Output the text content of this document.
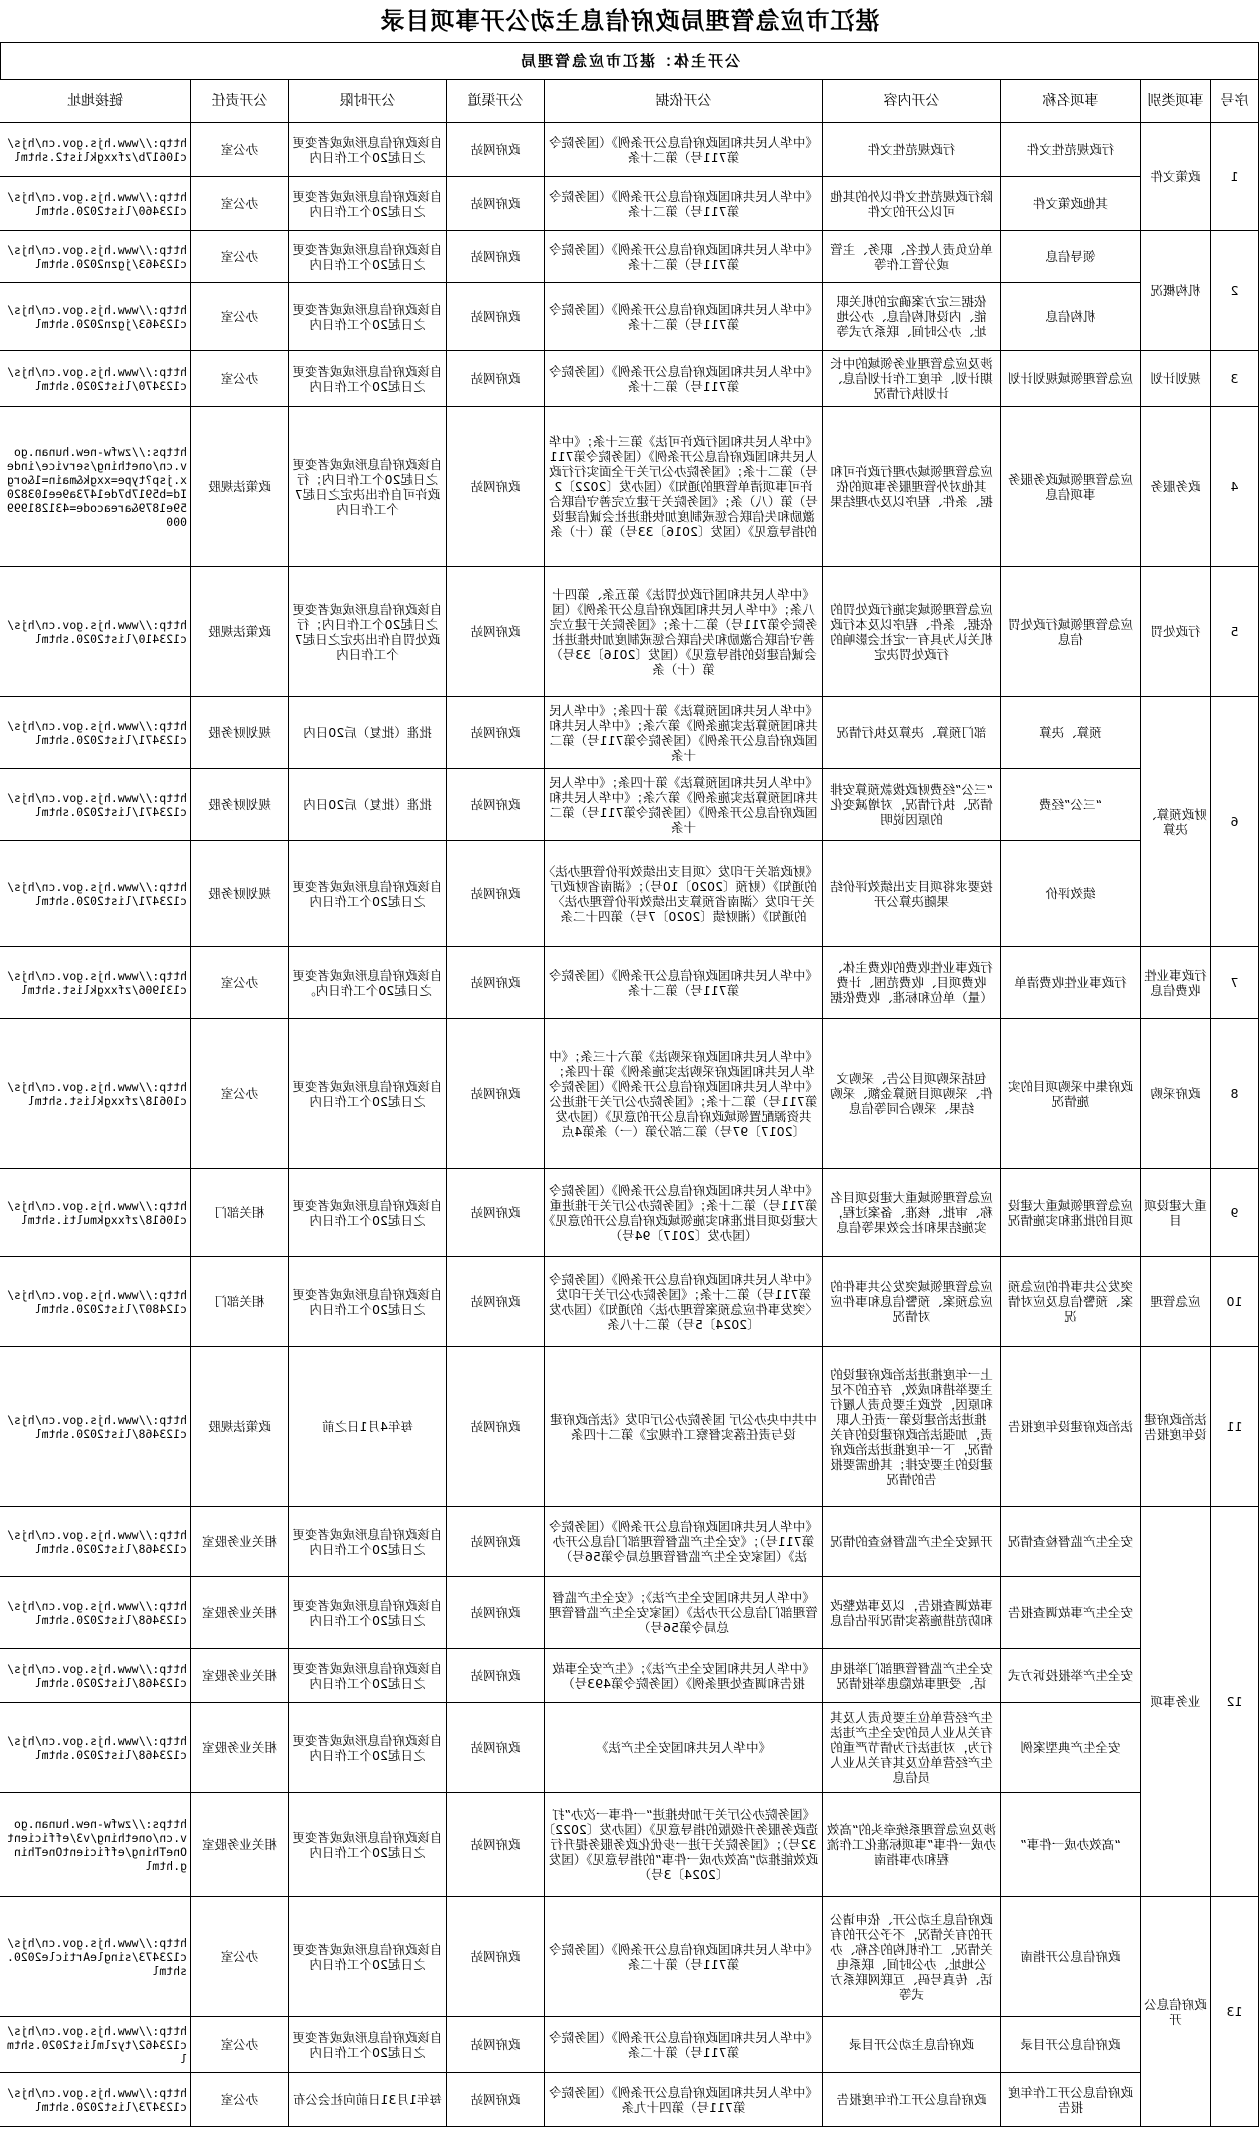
湛江市应急管理局政府信息主动公开事项目录
公开主体：湛江市应急管理局
序号	事项类别	事项名称	公开内容	公开依据	公开渠道	公开时限	公开责任	链接地址
1	政策文件	行政规范性文件	行政规范性文件	《中华人民共和国政府信息公开条例》（国务院令第711号）第二十条	政府网站	自该政府信息形成或者变更之日起20个工作日内	办公室	http://www.hjs.gov.cn/hjs/c10617b/zfxxgklist2.shtml
		其他政策文件	除行政规范性文件以外的其他可以公开的文件	《中华人民共和国政府信息公开条例》（国务院令第711号）第二十条	政府网站	自该政府信息形成或者变更之日起20个工作日内	办公室	http://www.hjs.gov.cn/hjs/c123460/list2020.shtml
2	机构概况	领导信息	单位负责人姓名、职务、主管或分管工作等	《中华人民共和国政府信息公开条例》（国务院令第711号）第二十条	政府网站	自该政府信息形成或者变更之日起20个工作日内	办公室	http://www.hjs.gov.cn/hjs/c123463/jgzn2020.shtml
		机构信息	依据三定方案确定的机关职能、内设机构信息、办公地址、办公时间、联系方式等	《中华人民共和国政府信息公开条例》（国务院令第711号）第二十条	政府网站	自该政府信息形成或者变更之日起20个工作日内	办公室	http://www.hjs.gov.cn/hjs/c123463/jgzn2020.shtml
3	规划计划	应急管理领域规划计划	涉及应急管理业务领域的中长期计划、年度工作计划信息、计划执行情况	《中华人民共和国政府信息公开条例》（国务院令第711号）第二十条	政府网站	自该政府信息形成或者变更之日起20个工作日内	办公室	http://www.hjs.gov.cn/hjs/c123470/list2020.shtml
4	政务服务	应急管理领域政务服务事项信息	应急管理领域办理行政许可和其他对外管理服务事项的依据、条件、程序以及办理结果	《中华人民共和国行政许可法》第三十条；《中华人民共和国政府信息公开条例》（国务院令第711号）第二十条；《国务院办公厅关于全面实行行政许可事项清单管理的通知》（国办发〔2022〕2号）第（八）条；《国务院关于建立完善守信联合激励和失信联合惩戒制度加快推进社会诚信建设的指导意见》（国发〔2016〕33号）第（十）条	政府网站	自该政府信息形成或者变更之日起20个工作日内；行政许可自作出决定之日起7个工作日内	政策法规股	https://zwfw-new.hunan.gov.cn/onething/service/index.jsp?type=xxgk&main=1&orgId=b5917b7de1473a9ee10382059e1879&areacode=431281999000
5	行政处罚	应急管理领域行政处罚信息	应急管理领域实施行政处罚的依据、条件、程序以及本行政机关认为具有一定社会影响的行政处罚决定	《中华人民共和国行政处罚法》第五条、第四十八条；《中华人民共和国政府信息公开条例》（国务院令第711号）第二十条；《国务院关于建立完善守信联合激励和失信联合惩戒制度加快推进社会诚信建设的指导意见》（国发〔2016〕33号）第（十）条	政府网站	自该政府信息形成或者变更之日起20个工作日内；行政处罚自作出决定之日起7个工作日内	政策法规股	http://www.hjs.gov.cn/hjs/c123410/list2020.shtml
6	财政预算、决算	预算、决算	部门预算、决算及执行情况	《中华人民共和国预算法》第十四条；《中华人民共和国预算法实施条例》第六条；《中华人民共和国政府信息公开条例》（国务院令第711号）第二十条	政府网站	批准（批复）后20日内	规划财务股	http://www.hjs.gov.cn/hjs/c123471/list2020.shtml
		“三公”经费	“三公”经费财政拨款预算安排情况、执行情况，对增减变化的原因说明	《中华人民共和国预算法》第十四条；《中华人民共和国预算法实施条例》第六条；《中华人民共和国政府信息公开条例》（国务院令第711号）第二十条	政府网站	批准（批复）后20日内	规划财务股	http://www.hjs.gov.cn/hjs/c123471/list2020.shtml
		绩效评价	按要求将项目支出绩效评价结果随决算公开	《财政部关于印发〈项目支出绩效评价管理办法〉的通知》（财预〔2020〕10号）；《湖南省财政厅关于印发〈湖南省预算支出绩效评价管理办法〉的通知》（湘财绩〔2020〕7号）第四十二条	政府网站	自该政府信息形成或者变更之日起20个工作日内	规划财务股	http://www.hjs.gov.cn/hjs/c123471/list2020.shtml
7	行政事业性收费信息	行政事业性收费清单	行政事业性收费的收费主体、收费项目、收费范围、计费（量）单位和标准、收费依据	《中华人民共和国政府信息公开条例》（国务院令第711号）第二十条	政府网站	自该政府信息形成或者变更之日起20个工作日内。	办公室	http://www.hjs.gov.cn/hjs/c131906/zfxxgklist.shtml
8	政府采购	政府集中采购项目的实施情况	包括采购项目公告、采购文件、采购项目预算金额、采购结果、采购合同等信息	《中华人民共和国政府采购法》第六十三条；《中华人民共和国政府采购法实施条例》第十四条；《中华人民共和国政府信息公开条例》（国务院令第711号）第二十条；《国务院办公厅关于推进公共资源配置领域政府信息公开的意见》（国办发〔2017〕97号）第二部分第（一）条第4点	政府网站	自该政府信息形成或者变更之日起20个工作日内	办公室	http://www.hjs.gov.cn/hjs/c10618/zfxxgklist.shtml
9	重大建设项目	应急管理领域重大建设项目的批准和实施情况	应急管理领域重大建设项目名称、审批、核准、备案过程，实施结果和社会效果等信息	《中华人民共和国政府信息公开条例》（国务院令第711号）第二十条；《国务院办公厅关于推进重大建设项目批准和实施领域政府信息公开的意见》（国办发〔2017〕94号）	政府网站	自该政府信息形成或者变更之日起20个工作日内	相关部门	http://www.hjs.gov.cn/hjs/c10618/zfxxgkmulti.shtml
10	应急管理	突发公共事件的应急预案、预警信息及应对情况	应急管理领域突发公共事件的应急预案、预警信息和事件应对情况	《中华人民共和国政府信息公开条例》（国务院令第711号）第二十条；《国务院办公厅关于印发〈突发事件应急预案管理办法〉的通知》（国办发〔2024〕5号）第二十八条	政府网站	自该政府信息形成或者变更之日起20个工作日内	相关部门	http://www.hjs.gov.cn/hjs/c124807/list2020.shtml
11	法治政府建设年度报告	法治政府建设年度报告	上一年度推进法治政府建设的主要举措和成效，存在的不足和原因，党政主要负责人履行推进法治建设第一责任人职责，加强法治政府建设的有关情况，下一年度推进法治政府建设的主要安排；其他需要报告的情况	中共中央办公厅 国务院办公厅印发《法治政府建设与责任落实督察工作规定》第二十四条	政府网站	每年4月1日之前	政策法规股	http://www.hjs.gov.cn/hjs/c123468/list2020.shtml
12	业务事项	安全生产监督检查情况	开展安全生产监督检查的情况	《中华人民共和国政府信息公开条例》（国务院令第711号）；《安全生产监督管理部门信息公开办法》（国家安全生产监督管理总局令第56号）	政府网站	自该政府信息形成或者变更之日起20个工作日内	相关业务股室	http://www.hjs.gov.cn/hjs/c123468/list2020.shtml
		安全生产事故调查报告	事故调查报告，以及事故整改和防范措施落实情况评估信息	《中华人民共和国安全生产法》；《安全生产监督管理部门信息公开办法》（国家安全生产监督管理总局令第56号）	政府网站	自该政府信息形成或者变更之日起20个工作日内	相关业务股室	http://www.hjs.gov.cn/hjs/c123468/list2020.shtml
		安全生产举报投诉方式	安全生产监督管理部门举报电话、受理事故隐患举报情况	《中华人民共和国安全生产法》；《生产安全事故报告和调查处理条例》（国务院令第493号）	政府网站	自该政府信息形成或者变更之日起20个工作日内	相关业务股室	http://www.hjs.gov.cn/hjs/c123468/list2020.shtml
		安全生产典型案例	生产经营单位主要负责人及其有关从业人员的安全生产违法行为，对违法行为情节严重的生产经营单位及其有关从业人员信息	《中华人民共和国安全生产法》	政府网站	自该政府信息形成或者变更之日起20个工作日内	相关业务股室	http://www.hjs.gov.cn/hjs/c123468/list2020.shtml
		“高效办成一件事”	涉及应急管理系统牵头的“高效办成一件事”事项标准化工作流程和办事指南	《国务院办公厅关于加快推进“一件事一次办”打造政务服务升级版的指导意见》（国办发〔2022〕32号）；《国务院关于进一步优化政务服务提升行政效能推动“高效办成一件事”的指导意见》（国发〔2024〕3号）	政府网站	自该政府信息形成或者变更之日起20个工作日内	相关业务股室	https://zwfw-new.hunan.gov.cn/onething/v3/efficientOneThing/efficientOneThing.html
13	政府信息公开	政府信息公开指南	政府信息主动公开、依申请公开的有关情况，不予公开的有关情况、工作机构的名称、办公地址、办公时间、联系电话、传真号码、互联网联系方式等	《中华人民共和国政府信息公开条例》（国务院令第711号）第十二条	政府网站	自该政府信息形成或者变更之日起20个工作日内	办公室	http://www.hjs.gov.cn/hjs/c123473/singleArticle2020.shtml
		政府信息公开目录	政府信息主动公开目录	《中华人民共和国政府信息公开条例》（国务院令第711号）第十二条	政府网站	自该政府信息形成或者变更之日起20个工作日内	办公室	http://www.hjs.gov.cn/hjs/c123462/tyzlmlist2020.shtml
		政府信息公开工作年度报告	政府信息公开工作年度报告	《中华人民共和国政府信息公开条例》（国务院令第711号）第四十九条	政府网站	每年1月31日前向社会公布	办公室	http://www.hjs.gov.cn/hjs/c123473/list2020.shtml
